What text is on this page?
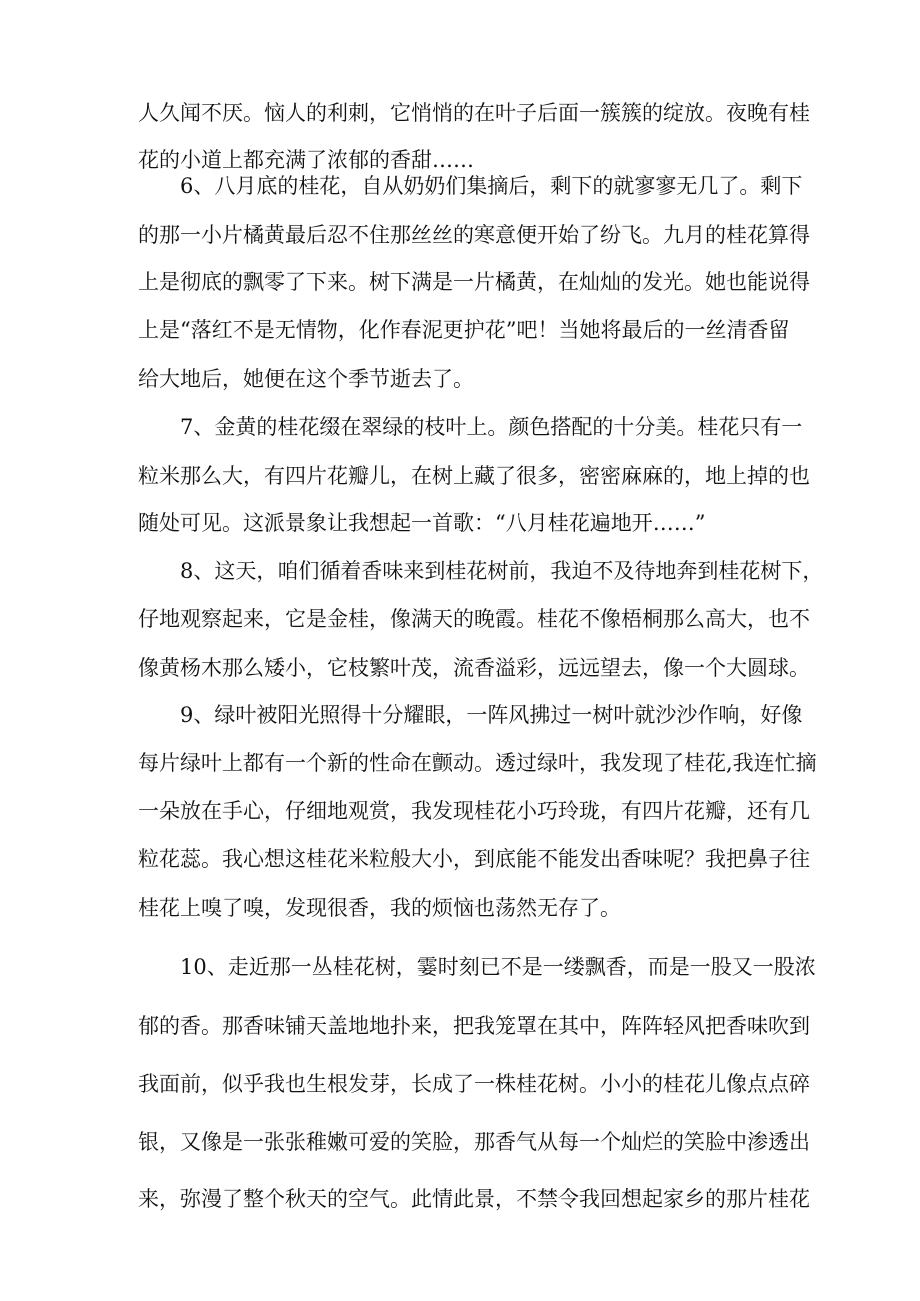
人久闻不厌。恼人的利刺，它悄悄的在叶子后面一簇簇的绽放。夜晚有桂
花的小道上都充满了浓郁的香甜……
6、八月底的桂花，自从奶奶们集摘后，剩下的就寥寥无几了。剩下
的那一小片橘黄最后忍不住那丝丝的寒意便开始了纷飞。九月的桂花算得
上是彻底的飘零了下来。树下满是一片橘黄，在灿灿的发光。她也能说得
上是“落红不是无情物，化作春泥更护花”吧！当她将最后的一丝清香留
给大地后，她便在这个季节逝去了。
7、金黄的桂花缀在翠绿的枝叶上。颜色搭配的十分美。桂花只有一
粒米那么大，有四片花瓣儿，在树上藏了很多，密密麻麻的，地上掉的也
随处可见。这派景象让我想起一首歌：“八月桂花遍地开……”
8、这天，咱们循着香味来到桂花树前，我迫不及待地奔到桂花树下，
仔地观察起来，它是金桂，像满天的晚霞。桂花不像梧桐那么高大，也不
像黄杨木那么矮小，它枝繁叶茂，流香溢彩，远远望去，像一个大圆球。
9、绿叶被阳光照得十分耀眼，一阵风拂过一树叶就沙沙作响，好像
每片绿叶上都有一个新的性命在颤动。透过绿叶，我发现了桂花,我连忙摘
一朵放在手心，仔细地观赏，我发现桂花小巧玲珑，有四片花瓣，还有几
粒花蕊。我心想这桂花米粒般大小，到底能不能发出香味呢？我把鼻子往
桂花上嗅了嗅，发现很香，我的烦恼也荡然无存了。
10、走近那一丛桂花树，霎时刻已不是一缕飘香，而是一股又一股浓
郁的香。那香味铺天盖地地扑来，把我笼罩在其中，阵阵轻风把香味吹到
我面前，似乎我也生根发芽，长成了一株桂花树。小小的桂花儿像点点碎
银，又像是一张张稚嫩可爱的笑脸，那香气从每一个灿烂的笑脸中渗透出
来，弥漫了整个秋天的空气。此情此景，不禁令我回想起家乡的那片桂花
